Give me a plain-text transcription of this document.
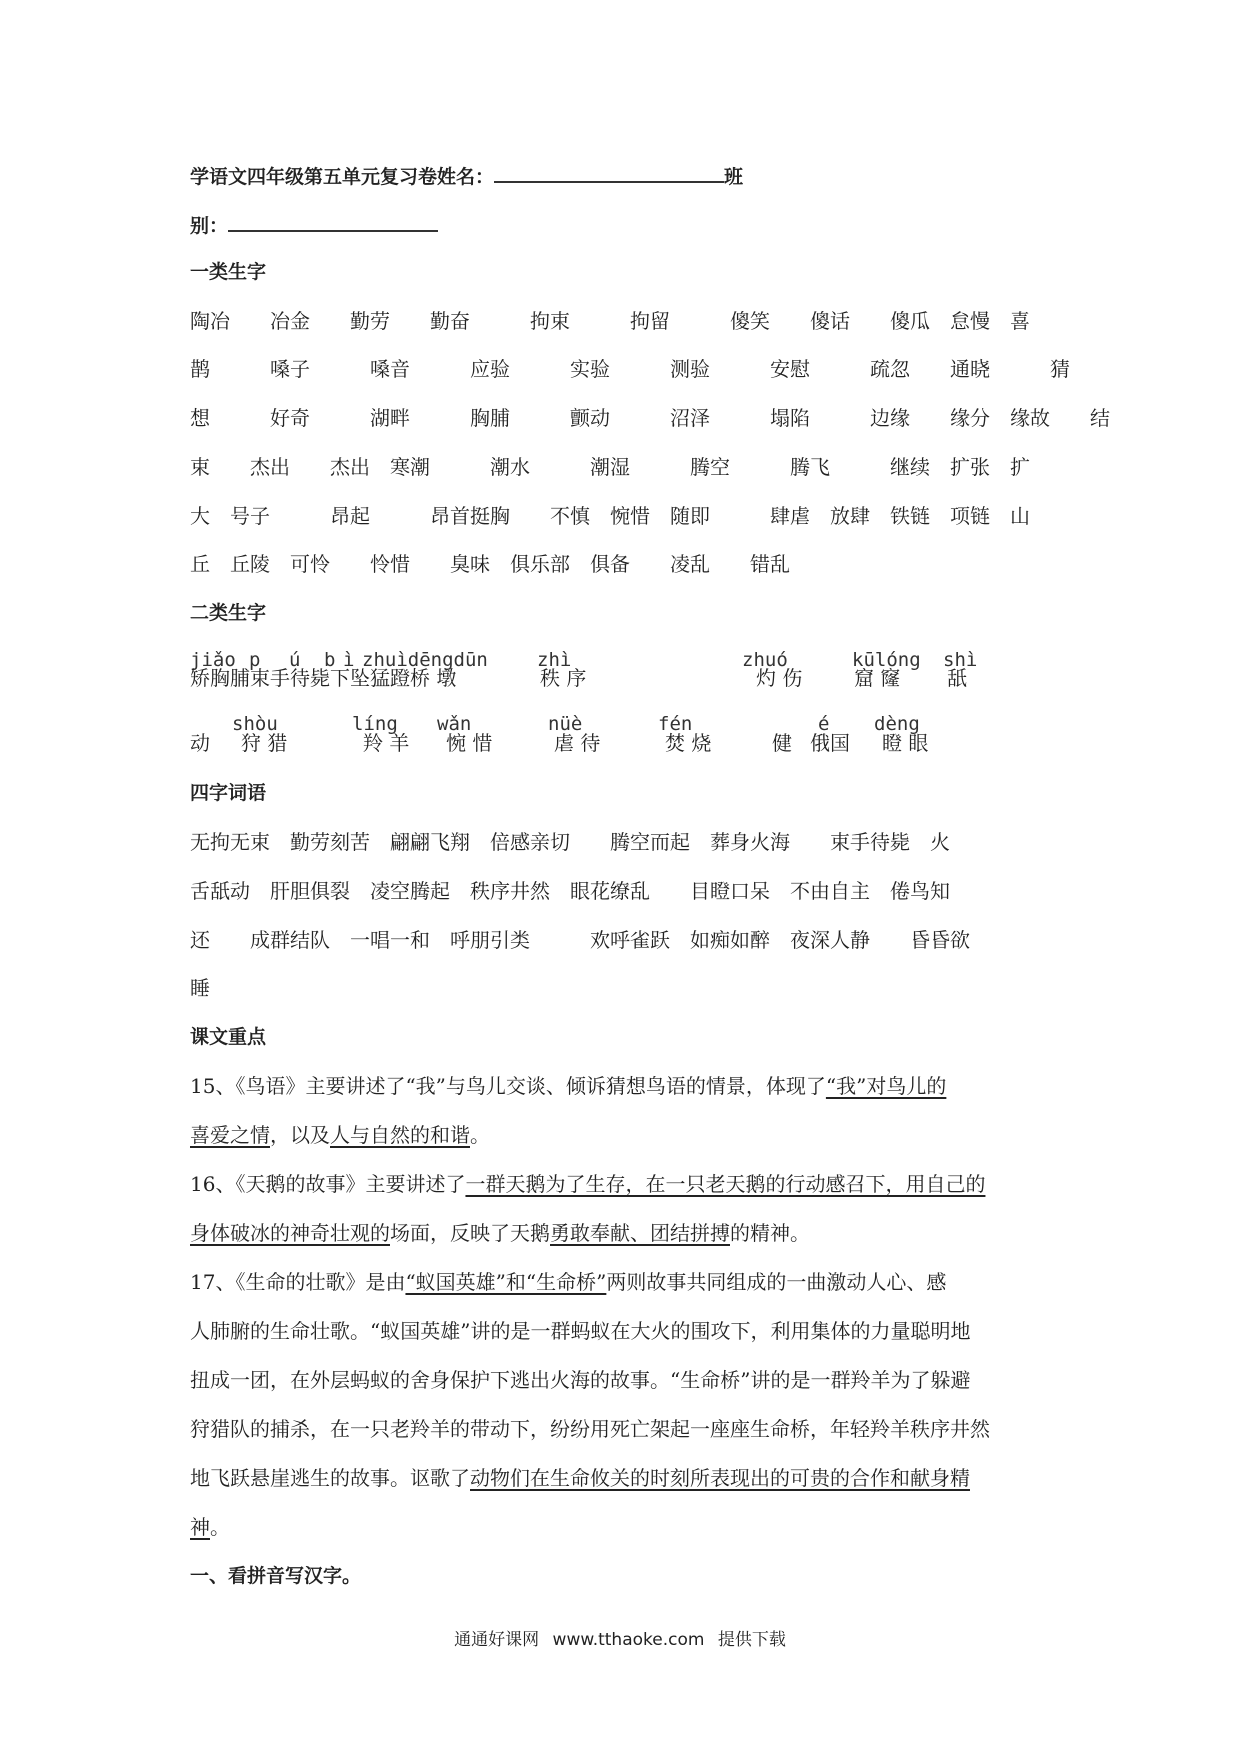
学语文四年级第五单元复习卷姓名：	班
别：
一类生字
陶冶　　冶金　　勤劳　　勤奋　　　拘束　　　拘留　　　傻笑　　傻话　　傻瓜　怠慢　喜
鹊　　　嗓子　　　嗓音　　　应验　　　实验　　　测验　　　安慰　　　疏忽　　通晓　　　猜
想　　　好奇　　　湖畔　　　胸脯　　　颤动　　　沼泽　　　塌陷　　　边缘　　缘分　缘故　　结
束　　杰出　　杰出　寒潮　　　潮水　　　潮湿　　　腾空　　　腾飞　　　继续　扩张　扩
大　号子　　　昂起　　　昂首挺胸　　不慎　惋惜　随即　　　肆虐　放肆　铁链　项链　山
丘　丘陵　可怜　　怜惜　　臭味　俱乐部　俱备　　凌乱　　错乱
二类生字
jiǎo p ú b ì zhuìdēngdūn	zhì	zhuó	kūlóng shì
矫胸脯束手待毙下坠猛蹬桥 墩	秩 序	灼 伤	窟 窿 舐
shòu	líng wǎn	nüè	fén	é dèng
动 狩 猎	羚 羊 惋 惜	虐 待	焚 烧	健 俄国 瞪 眼
四字词语
无拘无束　勤劳刻苦　翩翩飞翔　倍感亲切　　腾空而起　葬身火海　　束手待毙　火
舌舐动　肝胆俱裂　凌空腾起　秩序井然　眼花缭乱　　目瞪口呆　不由自主　倦鸟知
还　　成群结队　一唱一和　呼朋引类　　　欢呼雀跃　如痴如醉　夜深人静　　昏昏欲
睡
课文重点
15、《鸟语》主要讲述了“我”与鸟儿交谈、倾诉猜想鸟语的情景，体现了“我”对鸟儿的
喜爱之情，以及人与自然的和谐。
16、《天鹅的故事》主要讲述了一群天鹅为了生存，在一只老天鹅的行动感召下，用自己的
身体破冰的神奇壮观的场面，反映了天鹅勇敢奉献、团结拼搏的精神。
17、《生命的壮歌》是由“蚁国英雄”和“生命桥”两则故事共同组成的一曲激动人心、感
人肺腑的生命壮歌。“蚁国英雄”讲的是一群蚂蚁在大火的围攻下，利用集体的力量聪明地
扭成一团，在外层蚂蚁的舍身保护下逃出火海的故事。“生命桥”讲的是一群羚羊为了躲避
狩猎队的捕杀，在一只老羚羊的带动下，纷纷用死亡架起一座座生命桥，年轻羚羊秩序井然
地飞跃悬崖逃生的故事。讴歌了动物们在生命攸关的时刻所表现出的可贵的合作和献身精
神。
一、看拼音写汉字。
通通好课网 www.tthaoke.com 提供下载
